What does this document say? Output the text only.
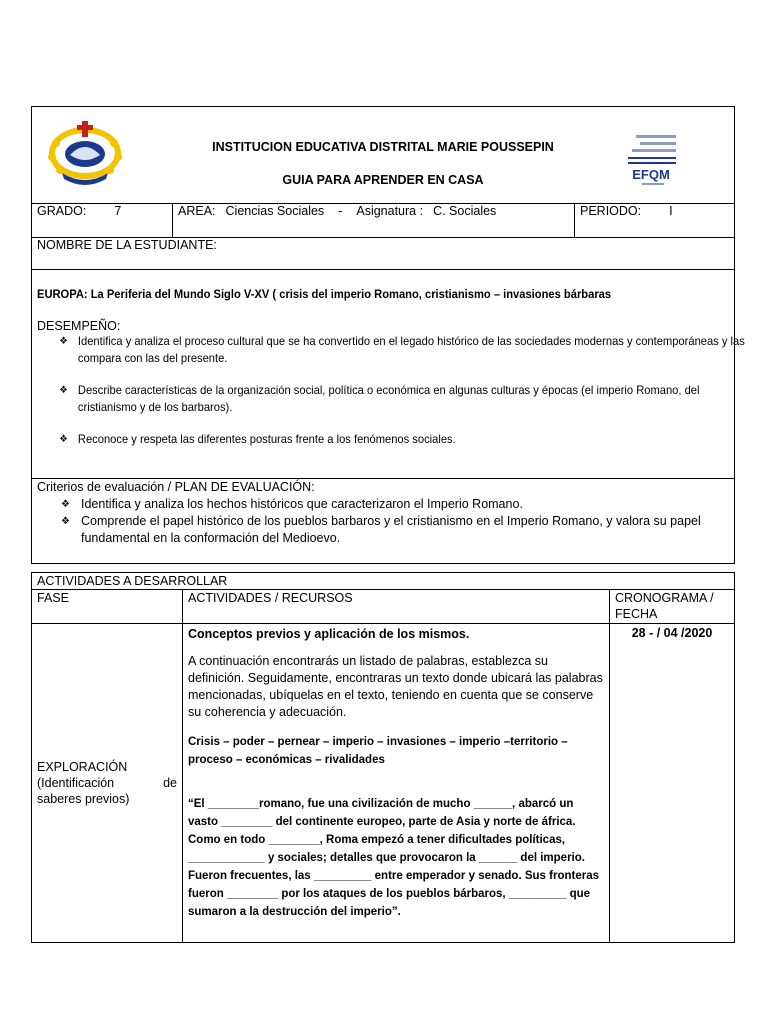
INSTITUCION EDUCATIVA DISTRITAL MARIE POUSSEPIN
GUIA PARA APRENDER EN CASA	EFQM

GRADO: 7	AREA: Ciencias Sociales - Asignatura : C. Sociales	PERIODO: I
NOMBRE DE LA ESTUDIANTE:

EUROPA: La Periferia del Mundo Siglo V-XV ( crisis del imperio Romano, cristianismo – invasiones bárbaras
DESEMPEÑO:
❖ Identifica y analiza el proceso cultural que se ha convertido en el legado histórico de las sociedades modernas y contemporáneas y las compara con las del presente.
❖ Describe características de la organización social, política o económica en algunas culturas y épocas (el imperio Romano, del cristianismo y de los barbaros).
❖ Reconoce y respeta las diferentes posturas frente a los fenómenos sociales.

Criterios de evaluación / PLAN DE EVALUACIÓN:
❖ Identifica y analiza los hechos históricos que caracterizaron el Imperio Romano.
❖ Comprende el papel histórico de los pueblos barbaros y el cristianismo en el Imperio Romano, y valora su papel fundamental en la conformación del Medioevo.
ACTIVIDADES A DESARROLLAR		
FASE	ACTIVIDADES / RECURSOS	CRONOGRAMA / FECHA

EXPLORACIÓN (Identificación de saberes previos)	Conceptos previos y aplicación de los mismos.
A continuación encontrarás un listado de palabras, establezca su definición. Seguidamente, encontraras un texto donde ubicará las palabras mencionadas, ubíquelas en el texto, teniendo en cuenta que se conserve su coherencia y adecuación.
Crisis – poder – pernear – imperio – invasiones – imperio –territorio – proceso – económicas – rivalidades
“El ________romano, fue una civilización de mucho ______, abarcó un vasto ________ del continente europeo, parte de Asia y norte de áfrica. Como en todo ________, Roma empezó a tener dificultades políticas, ____________ y sociales; detalles que provocaron la ______ del imperio. Fueron frecuentes, las _________ entre emperador y senado. Sus fronteras fueron ________ por los ataques de los pueblos bárbaros, _________ que sumaron a la destrucción del imperio”.	28 - / 04 /2020
